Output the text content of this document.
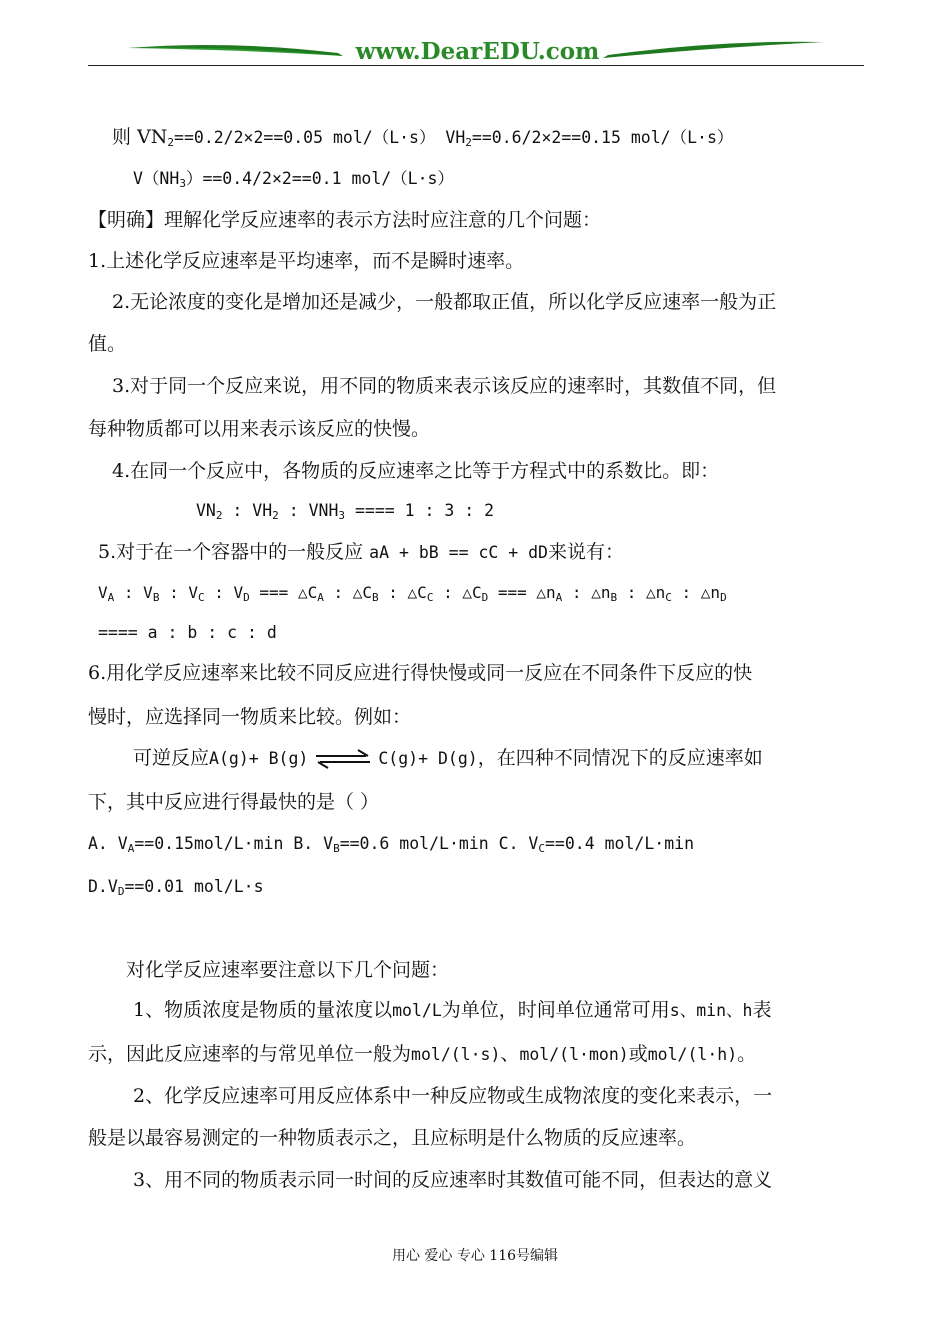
www.DearEDU.com
则 $VN_2==0.2/2\times 2==0.05$ mol/（L·s） $VH_2==0.6/2\times 2==0.15$ mol/（L·s）
$V(NH_3)==0.4/2\times 2==0.1$ mol/（L·s）
【明确】理解化学反应速率的表示方法时应注意的几个问题：
1.上述化学反应速率是平均速率，而不是瞬时速率。
2.无论浓度的变化是增加还是减少，一般都取正值，所以化学反应速率一般为正
值。
3.对于同一个反应来说，用不同的物质来表示该反应的速率时，其数值不同，但
每种物质都可以用来表示该反应的快慢。
4.在同一个反应中，各物质的反应速率之比等于方程式中的系数比。即：
$VN_2$ : $VH_2$ : $VNH_3$ ==== 1 : 3 : 2
5.对于在一个容器中的一般反应 aA + bB == cC + dD来说有：
$V_A$ : $V_B$ : $V_C$ : $V_D$ === $\triangle C_A$ : $\triangle C_B$ : $\triangle C_C$ : $\triangle C_D$ === $\triangle n_A$ : $\triangle n_B$ : $\triangle n_C$ : $\triangle n_D$
==== a : b : c : d
6.用化学反应速率来比较不同反应进行得快慢或同一反应在不同条件下反应的快
慢时，应选择同一物质来比较。例如：
可逆反应A(g)+ B(g) ⇌ C(g)+ D(g)，在四种不同情况下的反应速率如
下，其中反应进行得最快的是（ ）
A. $V_A==0.15mol/L\cdot\min$ B. $V_B==0.6$ mol/L·min C. $V_C==0.4$ mol/L·min
$D.V_D==0.01$ mol/L·s
对化学反应速率要注意以下几个问题：
1、物质浓度是物质的量浓度以mol/L为单位，时间单位通常可用s、min、h表
示，因此反应速率的与常见单位一般为mol/(l·s)、mol/(l·mon)或mol/(l·h)。
2、化学反应速率可用反应体系中一种反应物或生成物浓度的变化来表示，一
般是以最容易测定的一种物质表示之，且应标明是什么物质的反应速率。
3、用不同的物质表示同一时间的反应速率时其数值可能不同，但表达的意义
用心 爱心 专心 116号编辑
